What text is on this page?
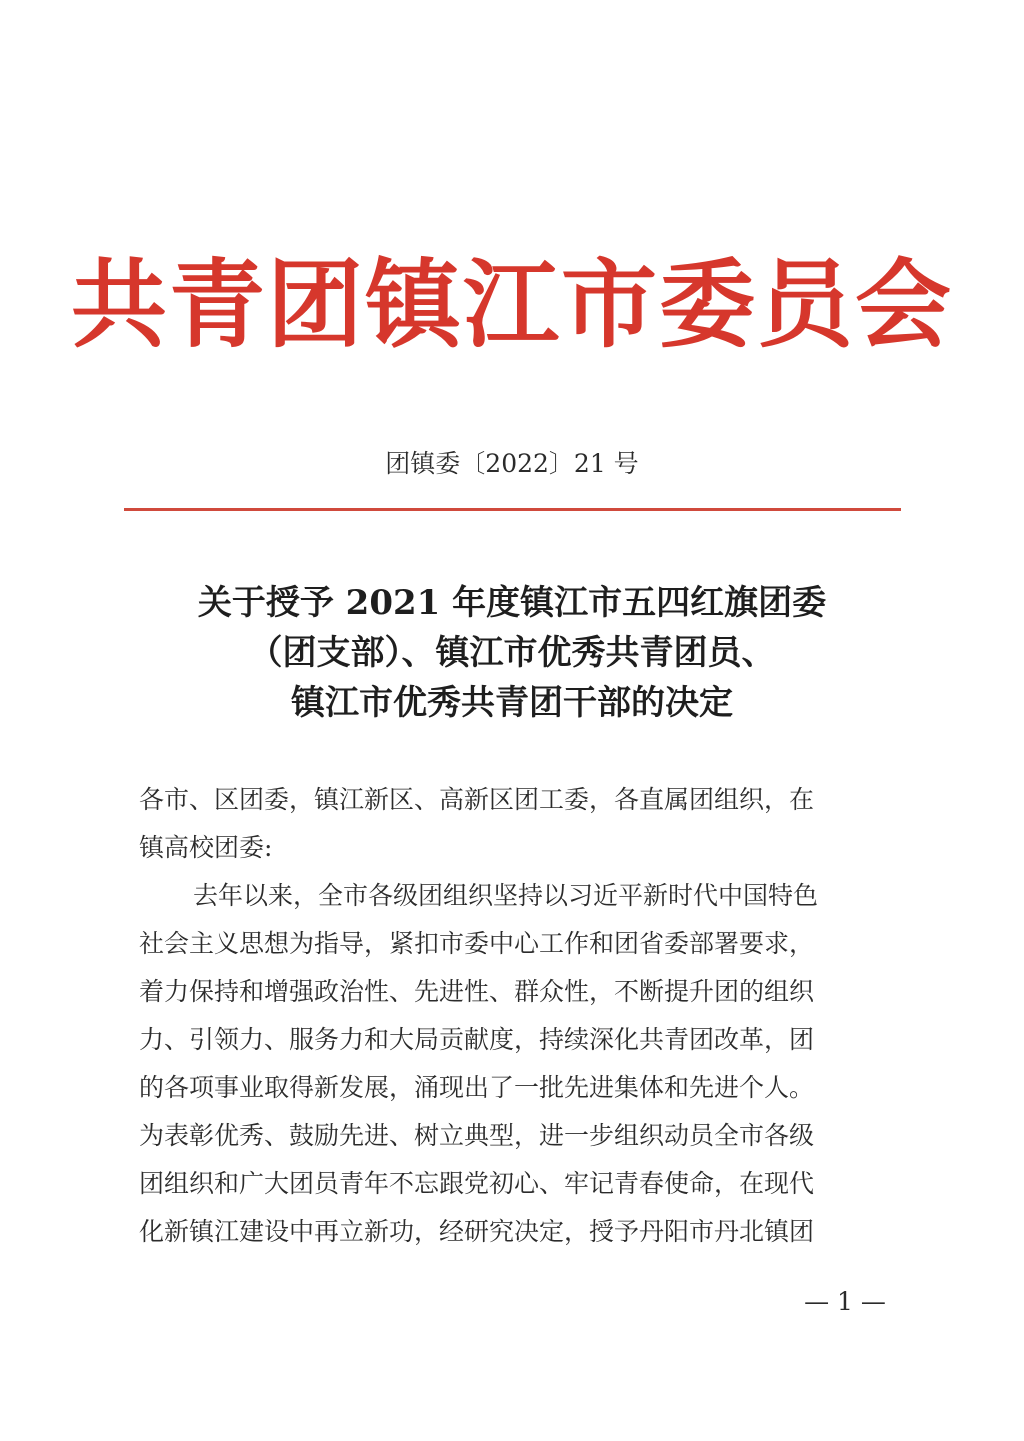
共青团镇江市委员会
团镇委〔2022〕21 号
关于授予 2021 年度镇江市五四红旗团委
（团支部）、镇江市优秀共青团员、
镇江市优秀共青团干部的决定
各市、区团委，镇江新区、高新区团工委，各直属团组织，在
镇高校团委:
去年以来，全市各级团组织坚持以习近平新时代中国特色
社会主义思想为指导，紧扣市委中心工作和团省委部署要求，
着力保持和增强政治性、先进性、群众性，不断提升团的组织
力、引领力、服务力和大局贡献度，持续深化共青团改革，团
的各项事业取得新发展，涌现出了一批先进集体和先进个人。
为表彰优秀、鼓励先进、树立典型，进一步组织动员全市各级
团组织和广大团员青年不忘跟党初心、牢记青春使命，在现代
化新镇江建设中再立新功，经研究决定，授予丹阳市丹北镇团
— 1 —
